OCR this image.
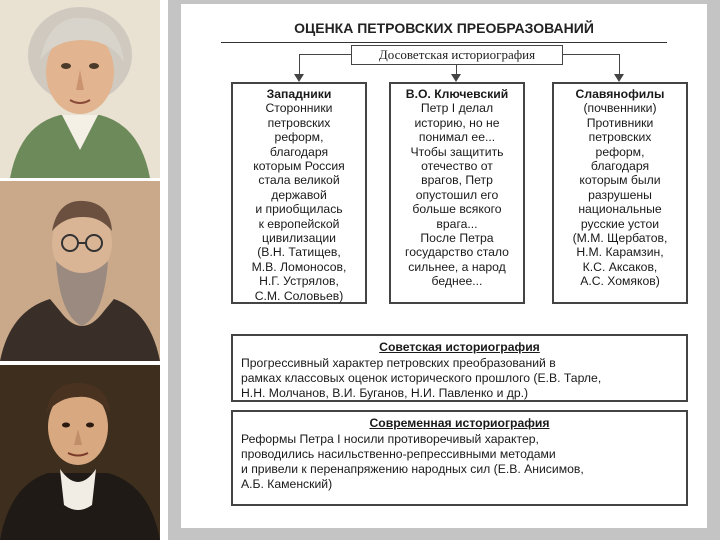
ОЦЕНКА ПЕТРОВСКИХ ПРЕОБРАЗОВАНИЙ
Досоветская историография
Западники
Сторонники
петровских
реформ,
благодаря
которым Россия
стала великой
державой
и приобщилась
к европейской
цивилизации
(В.Н. Татищев,
М.В. Ломоносов,
Н.Г. Устрялов,
С.М. Соловьев)
В.О. Ключевский
Петр I делал
историю, но не
понимал ее...
Чтобы защитить
отечество от
врагов, Петр
опустошил его
больше всякого
врага...
После Петра
государство стало
сильнее, а народ
беднее...
Славянофилы
(почвенники)
Противники
петровских
реформ,
благодаря
которым были
разрушены
национальные
русские устои
(М.М. Щербатов,
Н.М. Карамзин,
К.С. Аксаков,
А.С. Хомяков)
Советская историография
Прогрессивный характер петровских преобразований в
рамках классовых оценок исторического прошлого (Е.В. Тарле,
Н.Н. Молчанов, В.И. Буганов, Н.И. Павленко и др.)
Современная историография
Реформы Петра I носили противоречивый характер,
проводились насильственно-репрессивными методами
и привели к перенапряжению народных сил (Е.В. Анисимов,
А.Б. Каменский)
